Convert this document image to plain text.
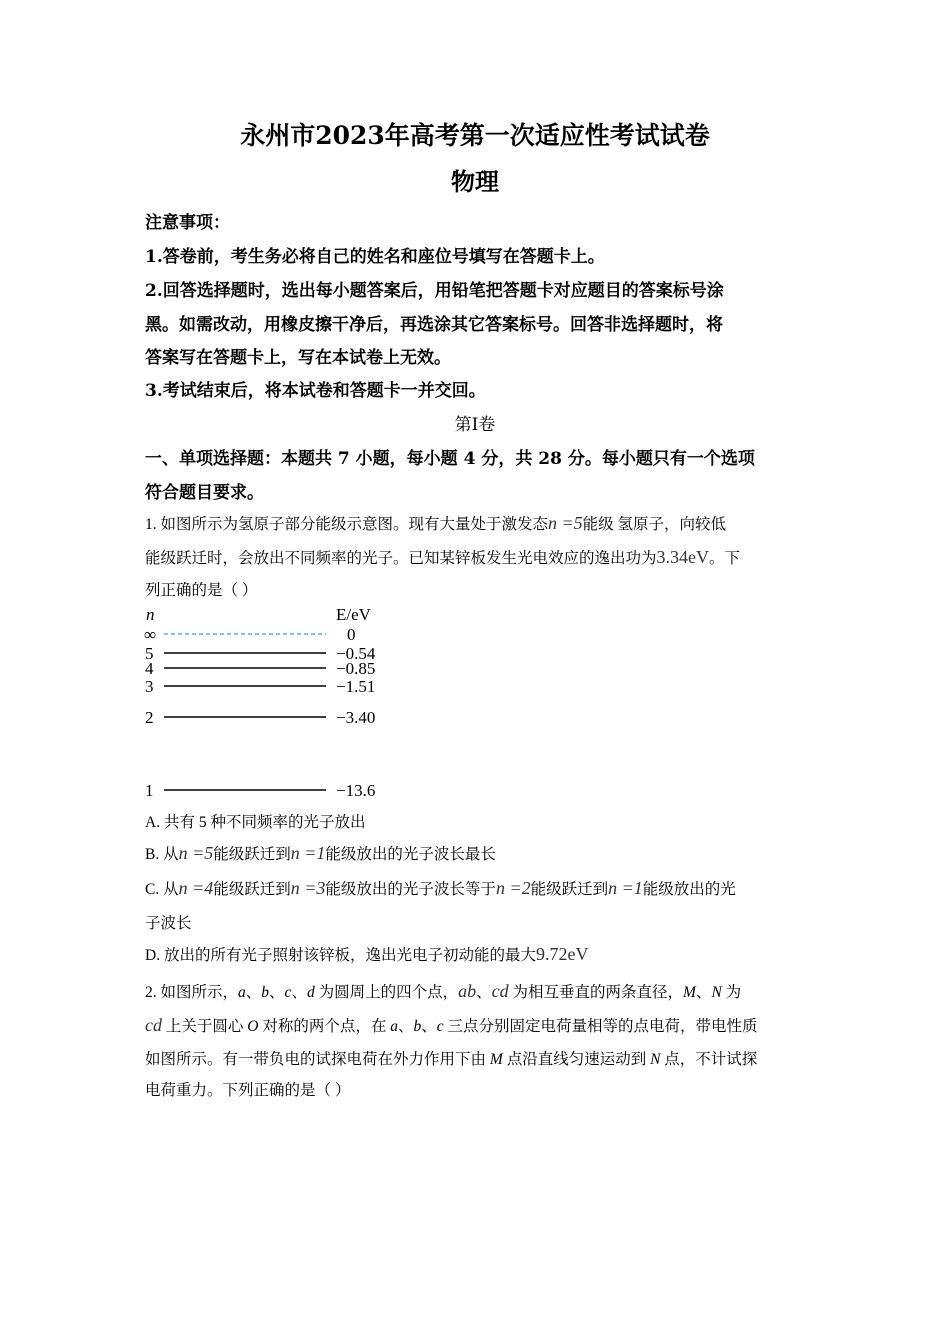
永州市2023年高考第一次适应性考试试卷
物理
注意事项：
1.答卷前，考生务必将自己的姓名和座位号填写在答题卡上。
2.回答选择题时，选出每小题答案后，用铅笔把答题卡对应题目的答案标号涂
黑。如需改动，用橡皮擦干净后，再选涂其它答案标号。回答非选择题时，将
答案写在答题卡上，写在本试卷上无效。
3.考试结束后，将本试卷和答题卡一并交回。
第Ⅰ卷
一、单项选择题：本题共 7 小题，每小题 4 分，共 28 分。每小题只有一个选项
符合题目要求。
1. 如图所示为氢原子部分能级示意图。现有大量处于激发态n =5能级 氢原子，向较低
能级跃迁时，会放出不同频率的光子。已知某锌板发生光电效应的逸出功为3.34eV。下
列正确的是（ ）
n	E/eV
∞
5
4
3
2
1
0
−0.54
−0.85
−1.51
−3.40
−13.6
A. 共有 5 种不同频率的光子放出
B. 从n =5能级跃迁到n =1能级放出的光子波长最长
C. 从n =4能级跃迁到n =3能级放出的光子波长等于n =2能级跃迁到n =1能级放出的光
子波长
D. 放出的所有光子照射该锌板，逸出光电子初动能的最大9.72eV
2. 如图所示，a、b、c、d 为圆周上的四个点，ab、cd 为相互垂直的两条直径，M、N 为
cd 上关于圆心 O 对称的两个点，在 a、b、c 三点分别固定电荷量相等的点电荷，带电性质
如图所示。有一带负电的试探电荷在外力作用下由 M 点沿直线匀速运动到 N 点，不计试探
电荷重力。下列正确的是（ ）
